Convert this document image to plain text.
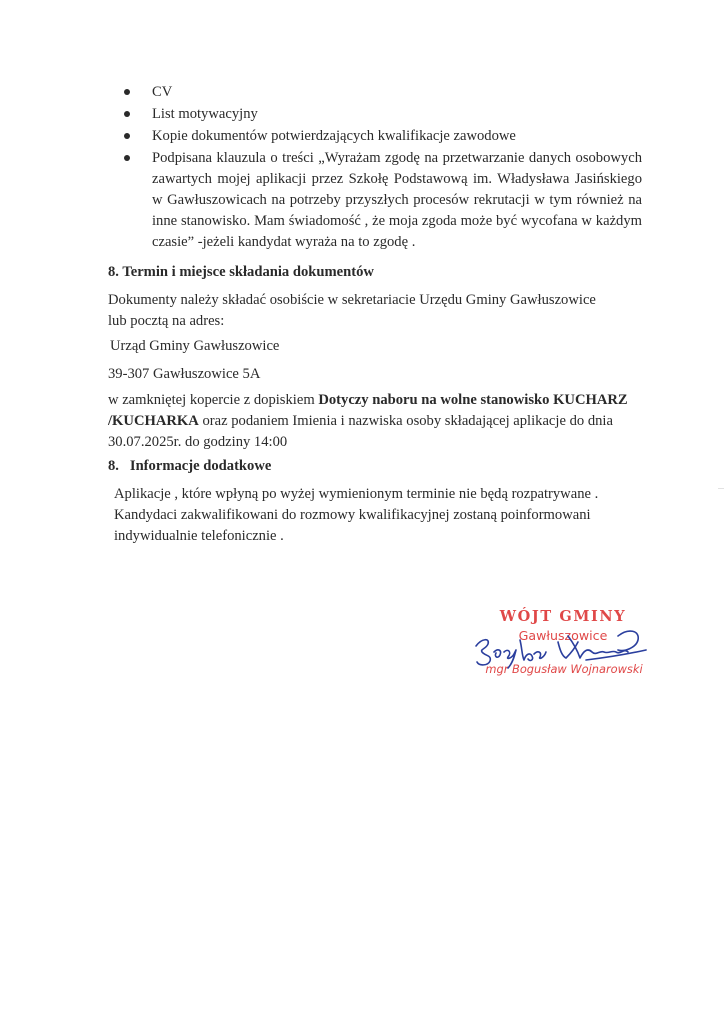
CV
List motywacyjny
Kopie dokumentów potwierdzających kwalifikacje zawodowe
Podpisana klauzula o treści „Wyrażam zgodę na przetwarzanie danych osobowych zawartych mojej aplikacji przez Szkołę Podstawową im. Władysława Jasińskiego w Gawłuszowicach na potrzeby przyszłych procesów rekrutacji w tym również na inne stanowisko. Mam świadomość , że moja zgoda może być wycofana w każdym czasie” -jeżeli kandydat wyraża na to zgodę .
8. Termin i miejsce składania dokumentów
Dokumenty należy składać osobiście w sekretariacie Urzędu Gminy Gawłuszowice lub pocztą na adres:
Urząd Gminy Gawłuszowice
39-307 Gawłuszowice 5A
w zamkniętej kopercie z dopiskiem Dotyczy naboru na wolne stanowisko KUCHARZ /KUCHARKA oraz podaniem Imienia i nazwiska osoby składającej aplikacje do dnia 30.07.2025r. do godziny 14:00
8.   Informacje dodatkowe
Aplikacje , które wpłyną po wyżej wymienionym terminie nie będą rozpatrywane .
Kandydaci zakwalifikowani do rozmowy kwalifikacyjnej zostaną poinformowani indywidualnie telefonicznie .
WÓJT GMINY
Gawłuszowice
mgr Bogusław Wojnarowski
